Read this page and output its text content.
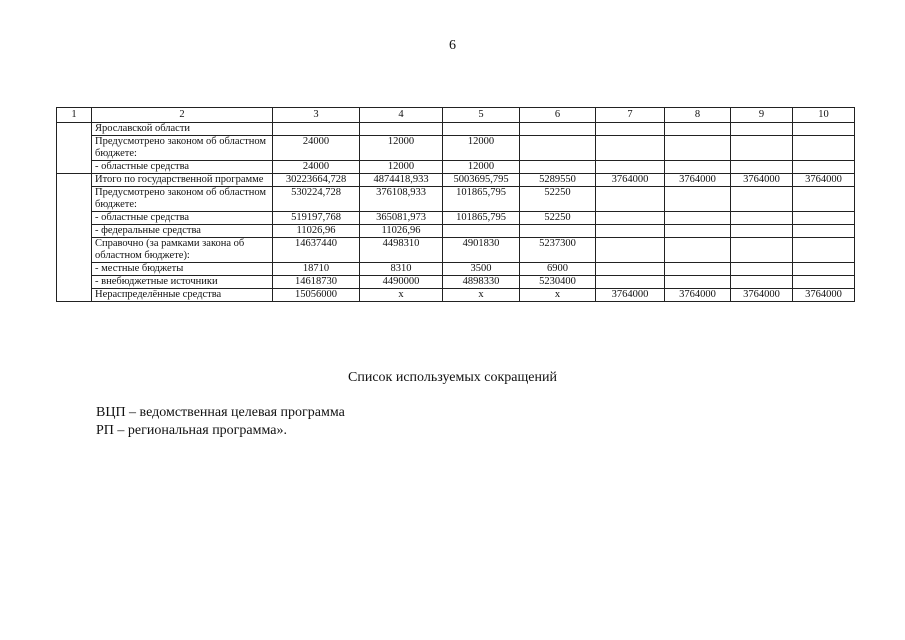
6
1	2	3	4	5	6	7	8	9	10
	Ярославской области								
	Предусмотрено законом об областном бюджете:	24000	12000	12000					
	- областные средства	24000	12000	12000					
	Итого по государственной программе	30223664,728	4874418,933	5003695,795	5289550	3764000	3764000	3764000	3764000
	Предусмотрено законом об областном бюджете:	530224,728	376108,933	101865,795	52250				
	- областные средства	519197,768	365081,973	101865,795	52250				
	- федеральные средства	11026,96	11026,96						
	Справочно (за рамками закона об областном бюджете):	14637440	4498310	4901830	5237300				
	- местные бюджеты	18710	8310	3500	6900				
	- внебюджетные источники	14618730	4490000	4898330	5230400				
	Нераспределённые средства	15056000	х	х	х	3764000	3764000	3764000	3764000
Список используемых сокращений
ВЦП – ведомственная целевая программа
РП – региональная программа».
